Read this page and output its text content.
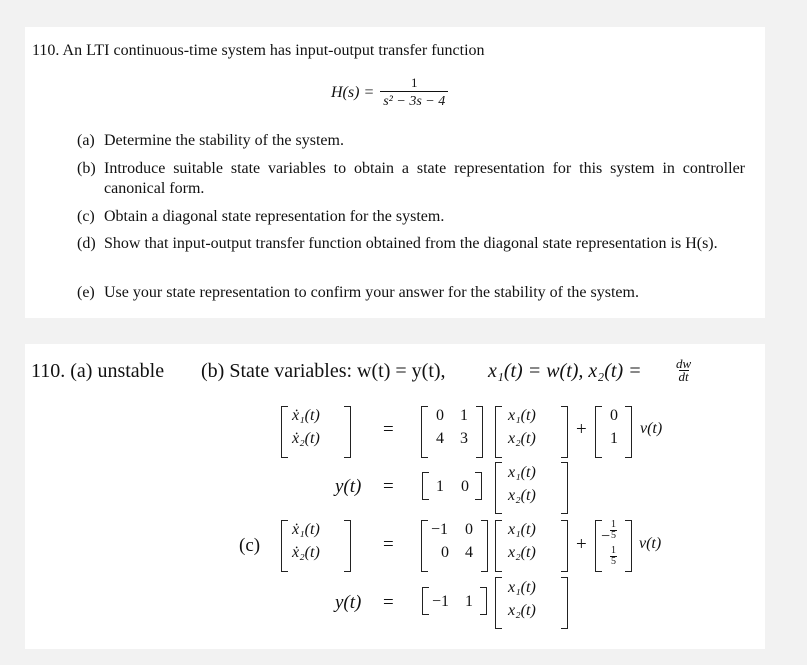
110. An LTI continuous-time system has input-output transfer function
$H(s) = \frac{1}{\text{s² − 3s − 4}}$
(a) Determine the stability of the system.
(b) Introduce suitable state variables to obtain a state representation for this system in controller canonical form.
(c) Obtain a diagonal state representation for the system.
(d) Show that input-output transfer function obtained from the diagonal state representation is H(s).
(e) Use your state representation to confirm your answer for the stability of the system.
110. (a) unstable (b) State variables: w(t) = y(t), x₁(t) = w(t), x₂(t) =	$\frac{dw}{dt}$
ẋ₁(t)
ẋ₂(t)	=
0 1
4 3
x₁(t)
x₂(t) +
0
1
v(t)
y(t) =	1 0
x₁(t)
x₂(t)
(c)
ẋ₁(t)
ẋ₂(t)	=
−1 0
0 4
x₁(t)
x₂(t) + − $\frac{1}{5}$
$\frac{1}{5}$
v(t)
y(t) = −1 1
x₁(t)
x₂(t)
